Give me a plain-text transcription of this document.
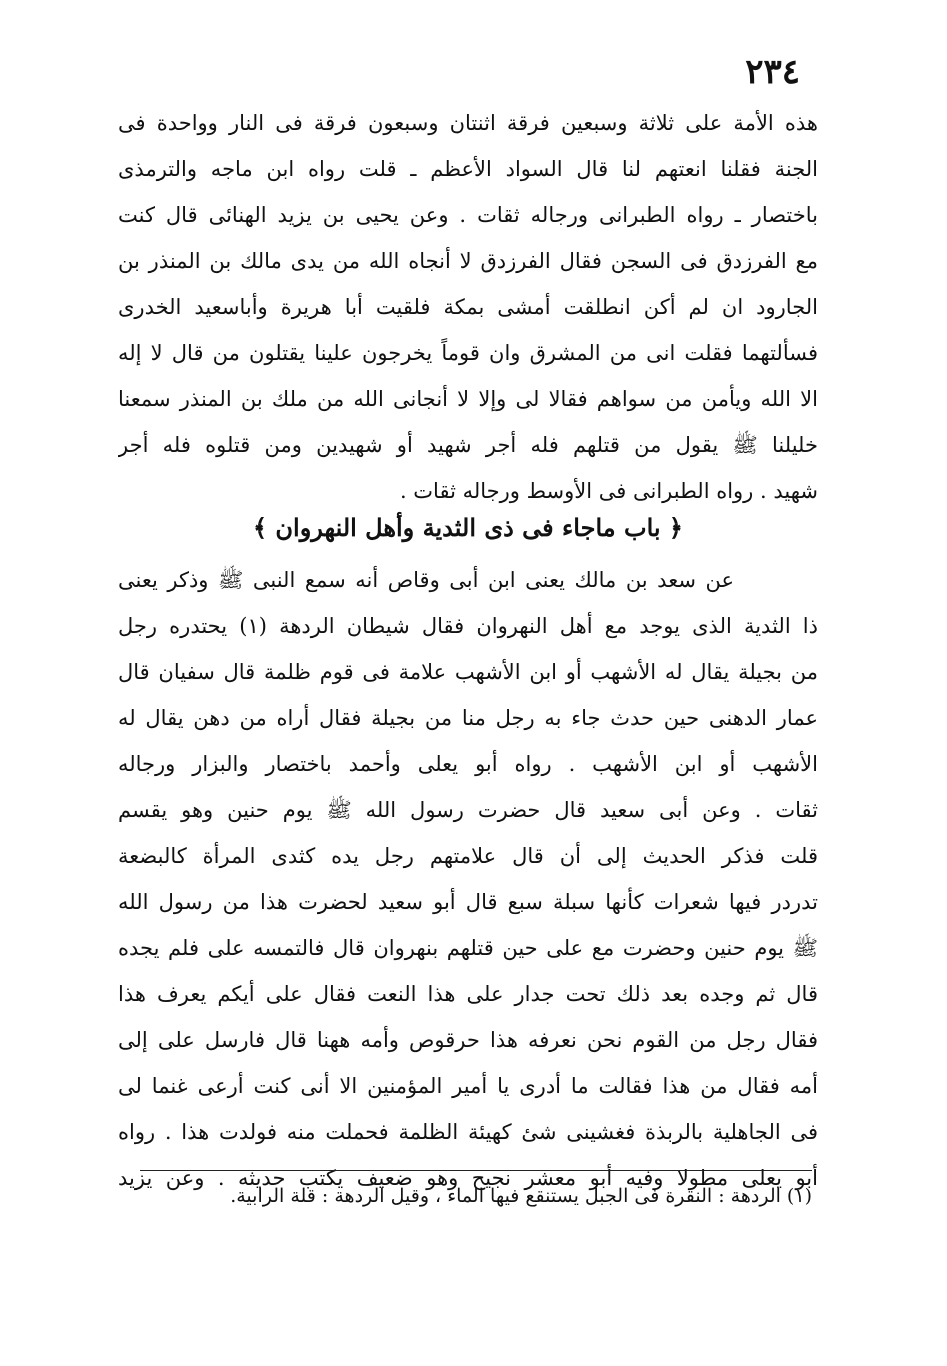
٢٣٤
هذه الأمة على ثلاثة وسبعين فرقة اثنتان وسبعون فرقة فى النار وواحدة فى
الجنة فقلنا انعتهم لنا قال السواد الأعظم ـ قلت رواه ابن ماجه والترمذى
باختصار ـ رواه الطبرانى ورجاله ثقات . وعن يحيى بن يزيد الهنائى قال كنت
مع الفرزدق فى السجن فقال الفرزدق لا أنجاه الله من يدى مالك بن المنذر بن
الجارود ان لم أكن انطلقت أمشى بمكة فلقيت أبا هريرة وأباسعيد الخدرى
فسألتهما فقلت انى من المشرق وان قوماً يخرجون علينا يقتلون من قال لا إله
الا الله ويأمن من سواهم فقالا لى وإلا لا أنجانى الله من ملك بن المنذر سمعنا
خليلنا ﷺ يقول من قتلهم فله أجر شهيد أو شهيدين ومن قتلوه فله أجر
شهيد . رواه الطبرانى فى الأوسط ورجاله ثقات .
﴿ باب ماجاء فى ذى الثدية وأهل النهروان ﴾
عن سعد بن مالك يعنى ابن أبى وقاص أنه سمع النبى ﷺ وذكر يعنى
ذا الثدية الذى يوجد مع أهل النهروان فقال شيطان الردهة (١) يحتدره رجل
من بجيلة يقال له الأشهب أو ابن الأشهب علامة فى قوم ظلمة قال سفيان قال
عمار الدهنى حين حدث جاء به رجل منا من بجيلة فقال أراه من دهن يقال له
الأشهب أو ابن الأشهب . رواه أبو يعلى وأحمد باختصار والبزار ورجاله
ثقات . وعن أبى سعيد قال حضرت رسول الله ﷺ يوم حنين وهو يقسم
قلت فذكر الحديث إلى أن قال علامتهم رجل يده كثدى المرأة كالبضعة
تدردر فيها شعرات كأنها سبلة سبع قال أبو سعيد لحضرت هذا من رسول الله
ﷺ يوم حنين وحضرت مع على حين قتلهم بنهروان قال فالتمسه على فلم يجده
قال ثم وجده بعد ذلك تحت جدار على هذا النعت فقال على أيكم يعرف هذا
فقال رجل من القوم نحن نعرفه هذا حرقوص وأمه ههنا قال فارسل على إلى
أمه فقال من هذا فقالت ما أدرى يا أمير المؤمنين الا أنى كنت أرعى غنما لى
فى الجاهلية بالربذة فغشينى شئ كهيئة الظلمة فحملت منه فولدت هذا . رواه
أبو يعلى مطولا وفيه أبو معشر نجيح وهو ضعيف يكتب حديثه . وعن يزيد
(١) الردهة : النقرة فى الجبل يستنقع فيها الماء ، وقيل الردهة : قلة الرابية.
